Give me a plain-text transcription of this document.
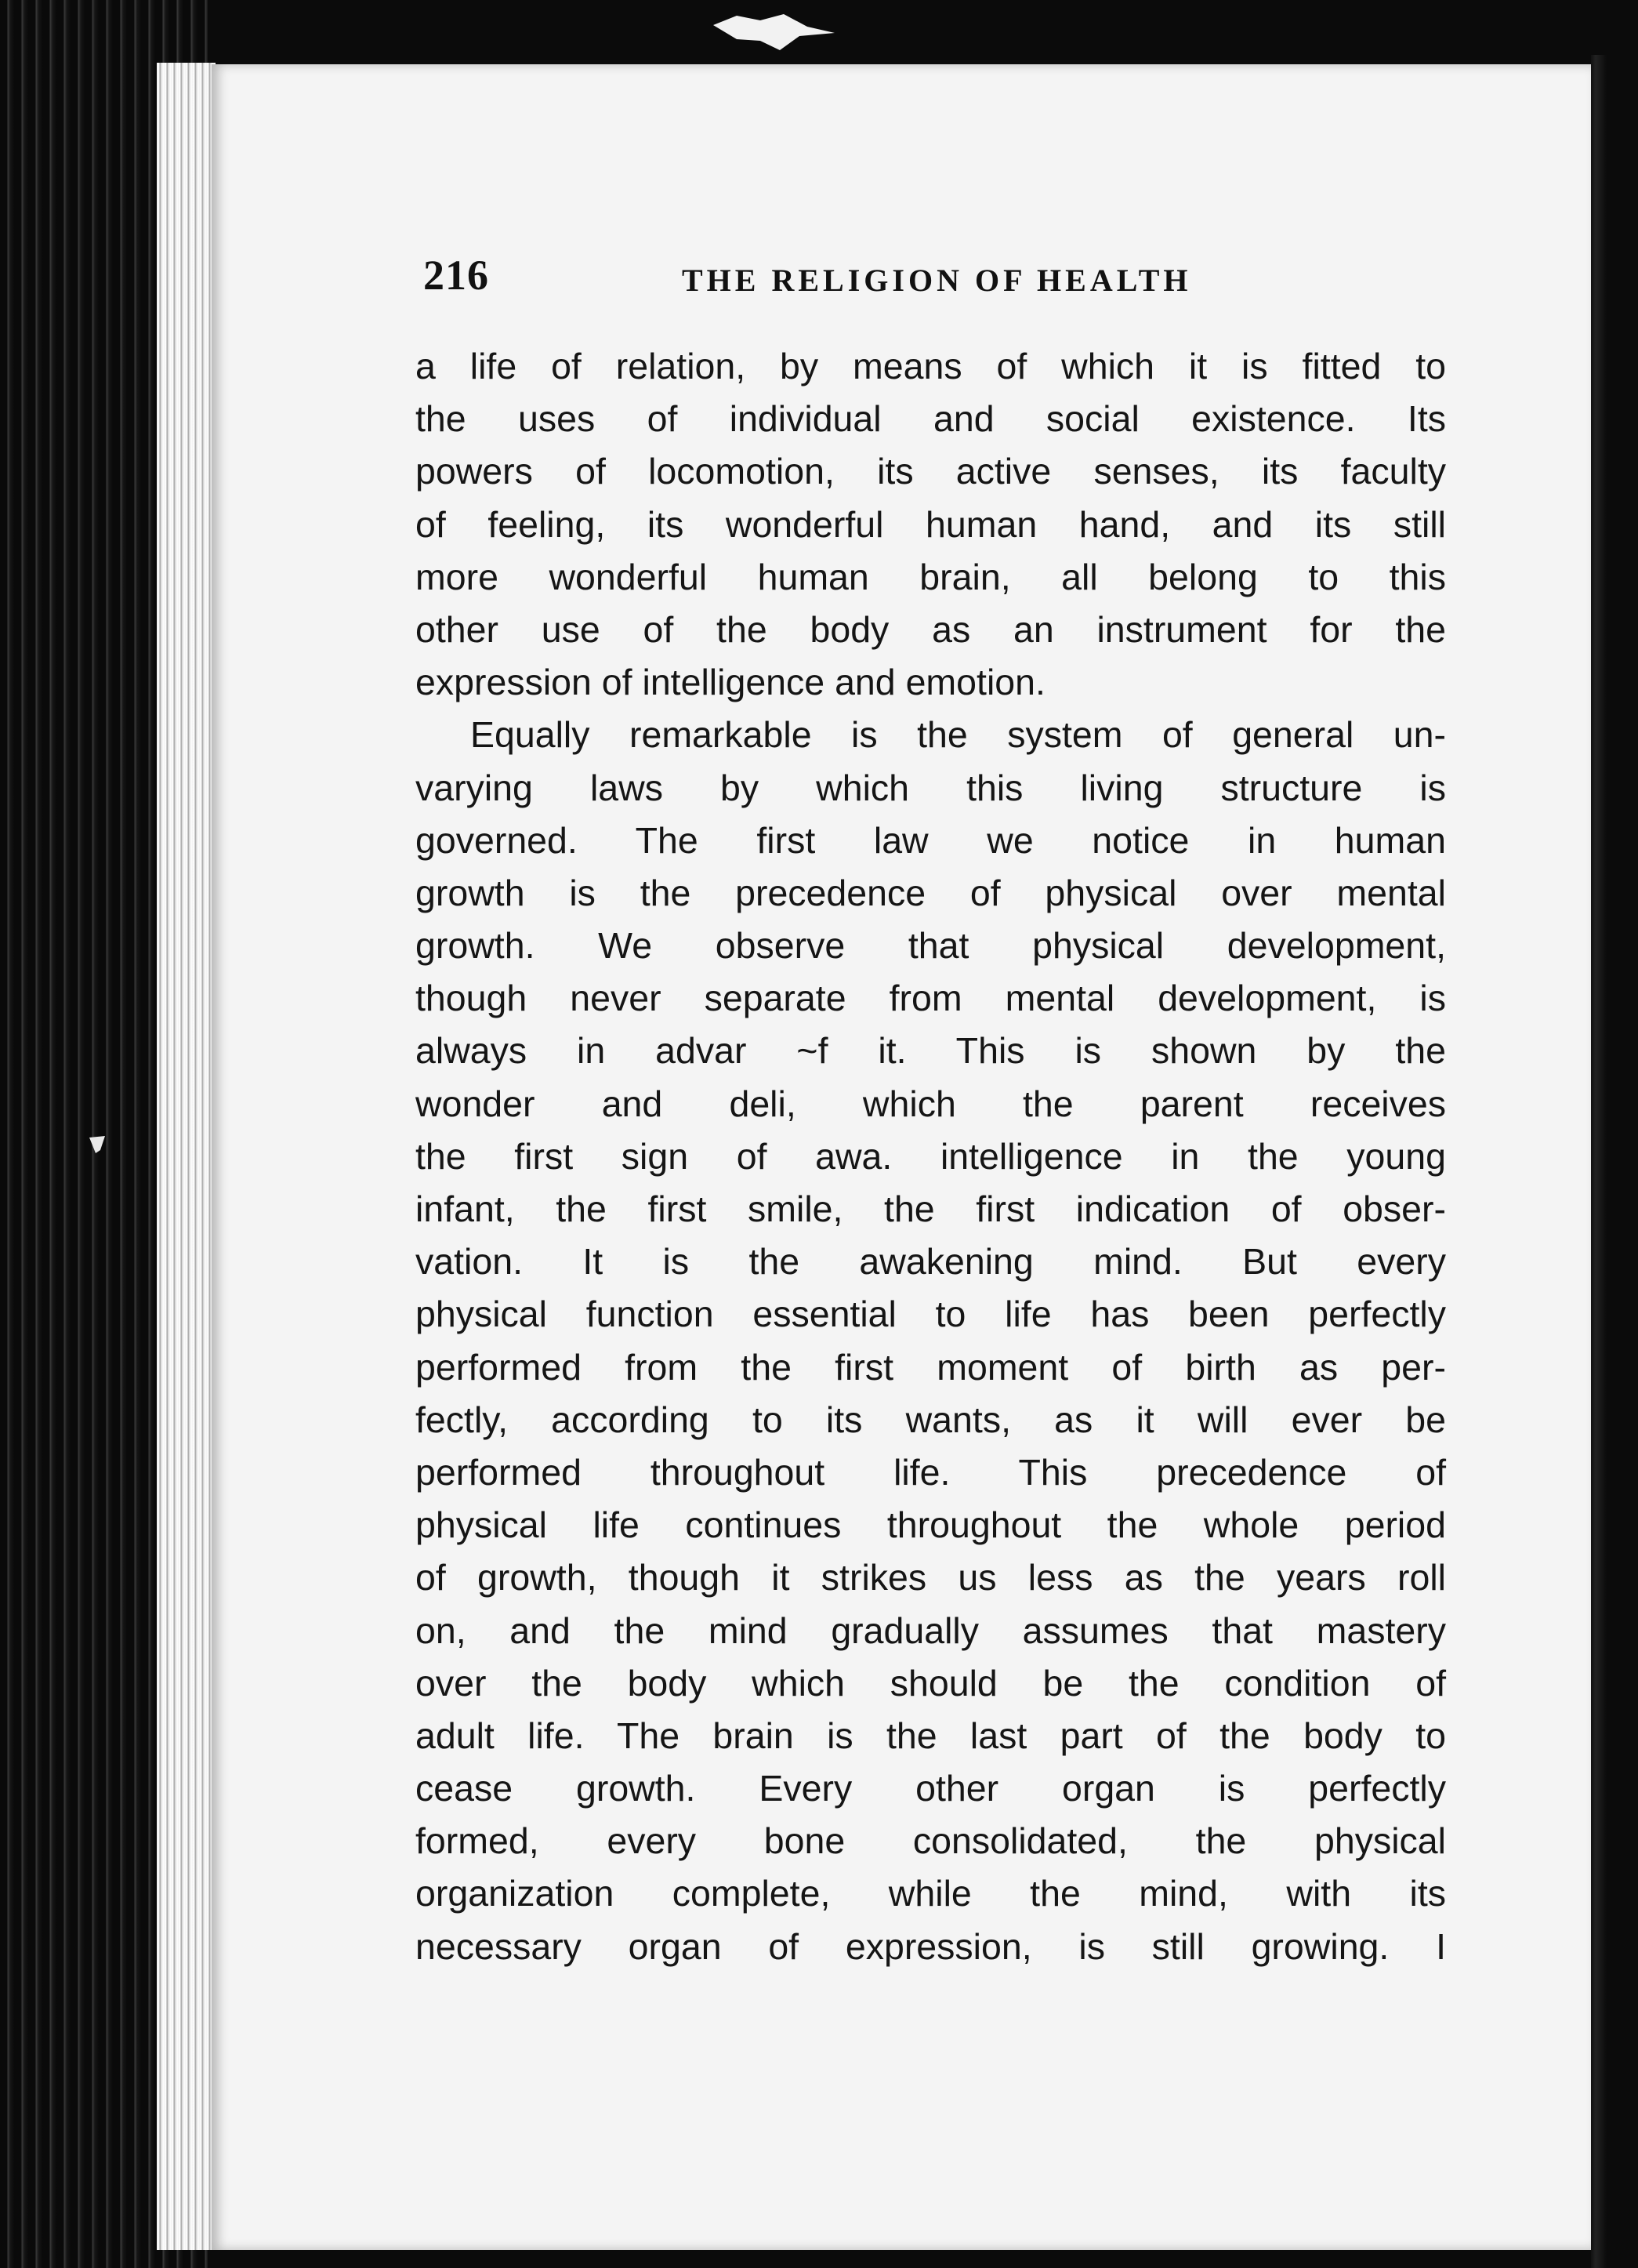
216	THE RELIGION OF HEALTH
a life of relation, by means of which it is fitted to
the uses of individual and social existence. Its
powers of locomotion, its active senses, its faculty
of feeling, its wonderful human hand, and its still
more wonderful human brain, all belong to this
other use of the body as an instrument for the
expression of intelligence and emotion.
Equally remarkable is the system of general un-
varying laws by which this living structure is
governed. The first law we notice in human
growth is the precedence of physical over mental
growth. We observe that physical development,
though never separate from mental development, is
always in advar ~f it. This is shown by the
wonder and deli, which the parent receives
the first sign of awa. intelligence in the young
infant, the first smile, the first indication of obser-
vation. It is the awakening mind. But every
physical function essential to life has been perfectly
performed from the first moment of birth as per-
fectly, according to its wants, as it will ever be
performed throughout life. This precedence of
physical life continues throughout the whole period
of growth, though it strikes us less as the years roll
on, and the mind gradually assumes that mastery
over the body which should be the condition of
adult life. The brain is the last part of the body to
cease growth. Every other organ is perfectly
formed, every bone consolidated, the physical
organization complete, while the mind, with its
necessary organ of expression, is still growing. I
